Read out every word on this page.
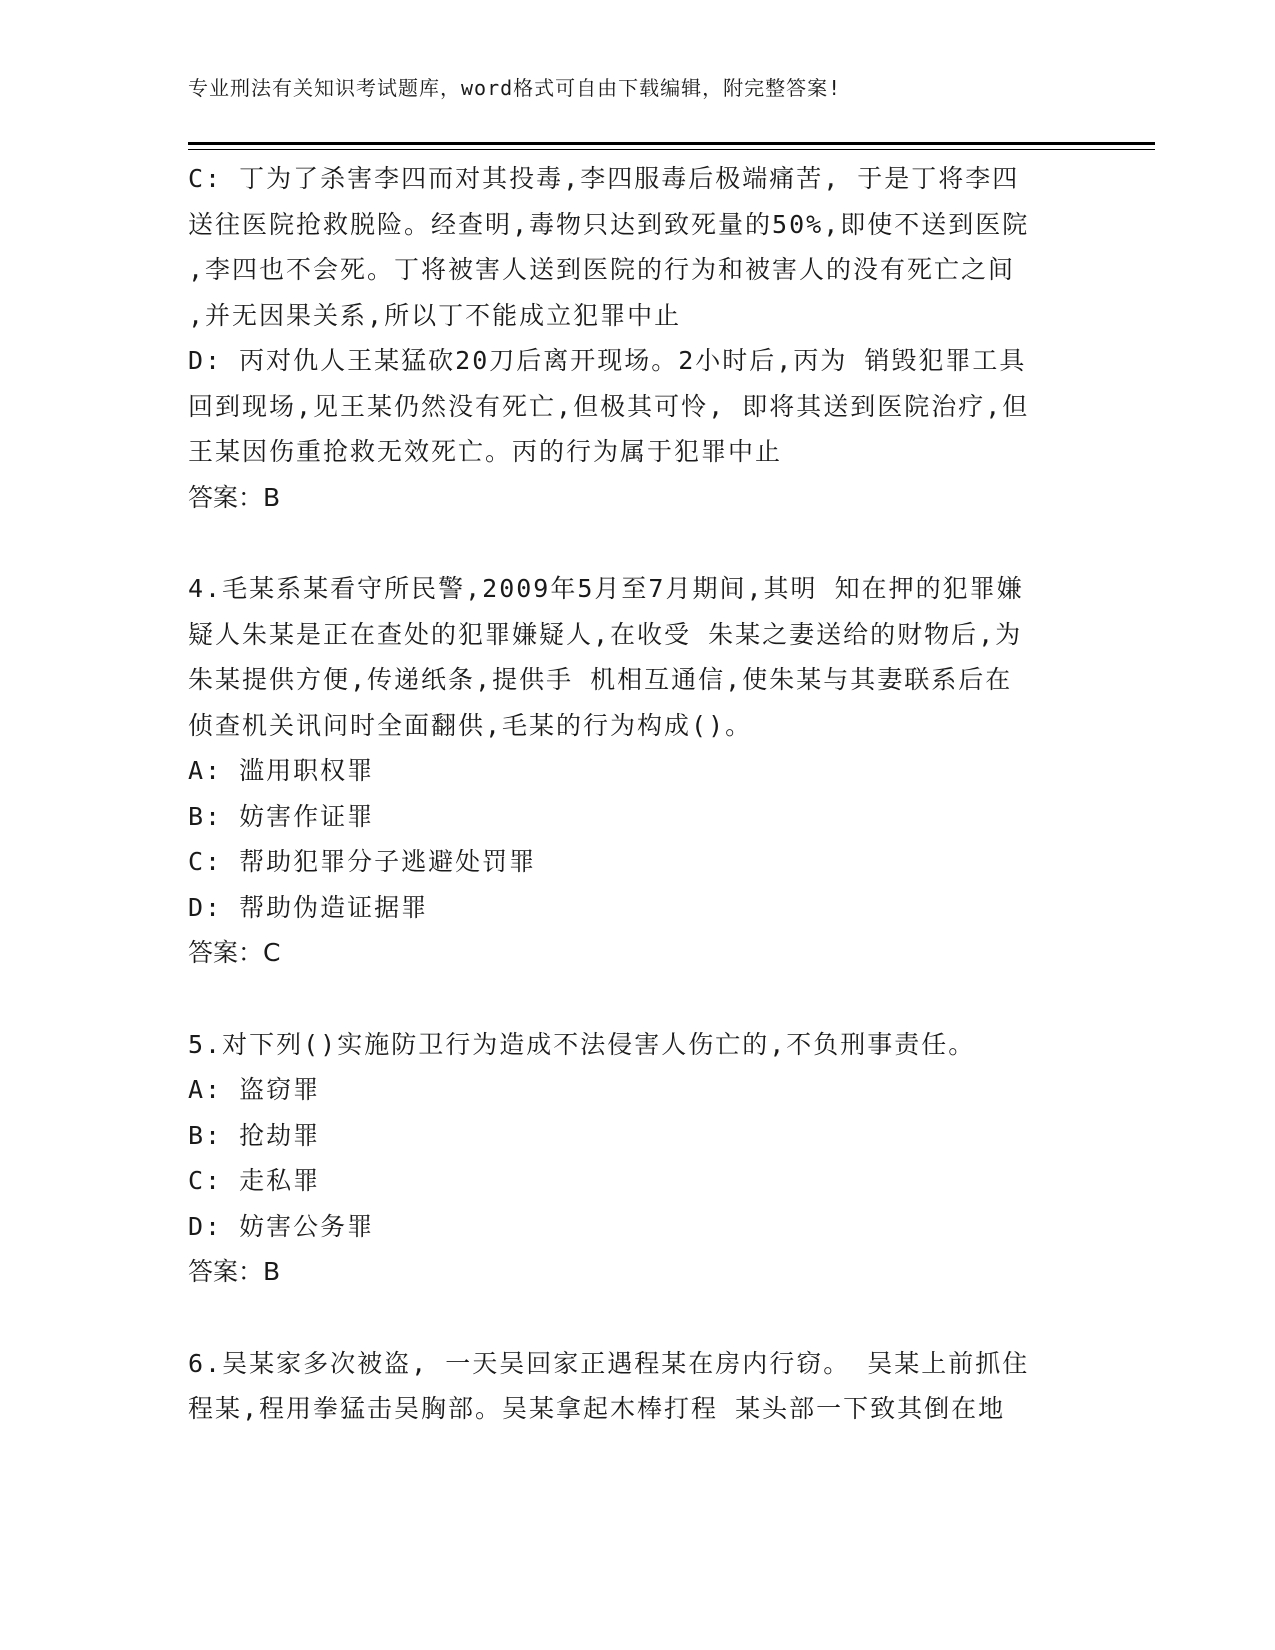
专业刑法有关知识考试题库，word格式可自由下载编辑，附完整答案!
C: 丁为了杀害李四而对其投毒,李四服毒后极端痛苦, 于是丁将李四
送往医院抢救脱险。经查明,毒物只达到致死量的50%,即使不送到医院
,李四也不会死。丁将被害人送到医院的行为和被害人的没有死亡之间
,并无因果关系,所以丁不能成立犯罪中止
D: 丙对仇人王某猛砍20刀后离开现场。2小时后,丙为 销毁犯罪工具
回到现场,见王某仍然没有死亡,但极其可怜, 即将其送到医院治疗,但
王某因伤重抢救无效死亡。丙的行为属于犯罪中止
答案：B
4.毛某系某看守所民警,2009年5月至7月期间,其明 知在押的犯罪嫌
疑人朱某是正在查处的犯罪嫌疑人,在收受 朱某之妻送给的财物后,为
朱某提供方便,传递纸条,提供手 机相互通信,使朱某与其妻联系后在
侦查机关讯问时全面翻供,毛某的行为构成()。
A: 滥用职权罪
B: 妨害作证罪
C: 帮助犯罪分子逃避处罚罪
D: 帮助伪造证据罪
答案：C
5.对下列()实施防卫行为造成不法侵害人伤亡的,不负刑事责任。
A: 盗窃罪
B: 抢劫罪
C: 走私罪
D: 妨害公务罪
答案：B
6.吴某家多次被盗, 一天吴回家正遇程某在房内行窃。 吴某上前抓住
程某,程用拳猛击吴胸部。吴某拿起木棒打程 某头部一下致其倒在地
